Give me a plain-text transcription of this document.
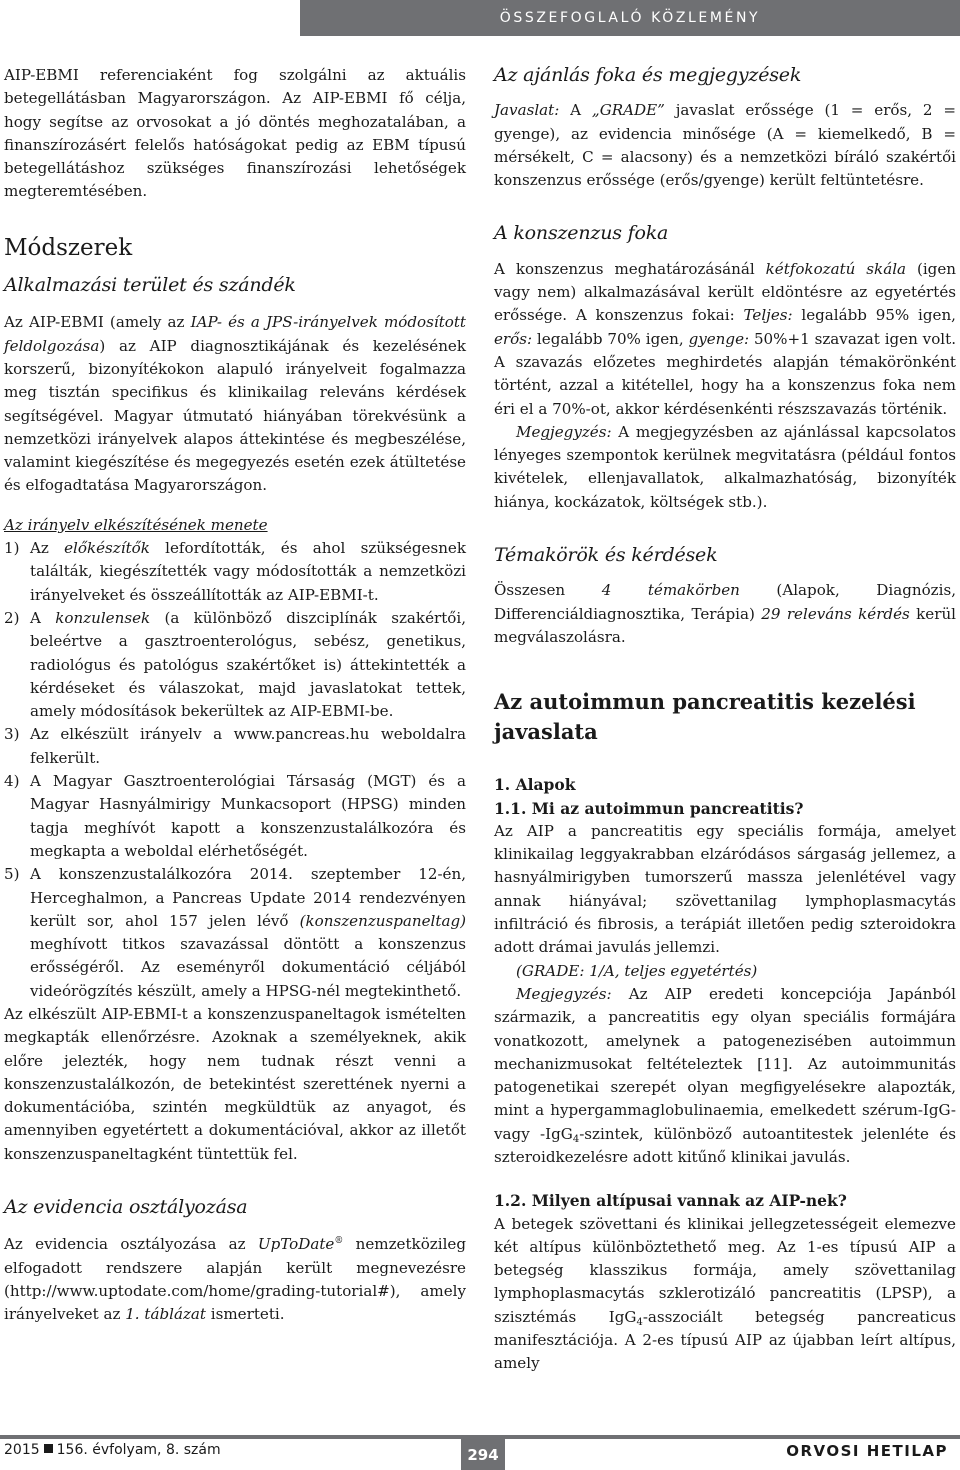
ÖSSZEFOGLALÓ KÖZLEMÉNY

AIP-EBMI referenciaként fog szolgálni az aktuális betegellátásban Magyarországon. Az AIP-EBMI fő célja, hogy segítse az orvosokat a jó döntés meghozatalában, a finanszírozásért felelős hatóságokat pedig az EBM típusú betegellátáshoz szükséges finanszírozási lehetőségek megteremtésében.

Módszerek
Alkalmazási terület és szándék

Az AIP-EBMI (amely az IAP- és a JPS-irányelvek módosított feldolgozása) az AIP diagnosztikájának és kezelésének korszerű, bizonyítékokon alapuló irányelveit fogalmazza meg tisztán specifikus és klinikailag releváns kérdések segítségével. Magyar útmutató hiányában törekvésünk a nemzetközi irányelvek alapos áttekintése és megbeszélése, valamint kiegészítése és megegyezés esetén ezek átültetése és elfogadtatása Magyarországon.

Az irányelv elkészítésének menete

1) Az előkészítők lefordították, és ahol szükségesnek találták, kiegészítették vagy módosították a nemzetközi irányelveket és összeállították az AIP-EBMI-t.
2) A konzulensek (a különböző diszciplínák szakértői, beleértve a gasztroenterológus, sebész, genetikus, radiológus és patológus szakértőket is) áttekintették a kérdéseket és válaszokat, majd javaslatokat tettek, amely módosítások bekerültek az AIP-EBMI-be.
3) Az elkészült irányelv a www.pancreas.hu weboldalra felkerült.
4) A Magyar Gasztroenterológiai Társaság (MGT) és a Magyar Hasnyálmirigy Munkacsoport (HPSG) minden tagja meghívót kapott a konszenzustalálkozóra és megkapta a weboldal elérhetőségét.
5) A konszenzustalálkozóra 2014. szeptember 12-én, Herceghalmon, a Pancreas Update 2014 rendezvényen került sor, ahol 157 jelen lévő (konszenzuspaneltag) meghívott titkos szavazással döntött a konszenzus erősségéről. Az eseményről dokumentáció céljából videórögzítés készült, amely a HPSG-nél megtekinthető.

Az elkészült AIP-EBMI-t a konszenzuspaneltagok ismételten megkapták ellenőrzésre. Azoknak a személyeknek, akik előre jelezték, hogy nem tudnak részt venni a konszenzustalálkozón, de betekintést szerettének nyerni a dokumentációba, szintén megküldtük az anyagot, és amennyiben egyetértett a dokumentációval, akkor az illetőt konszenzuspaneltagként tüntettük fel.

Az evidencia osztályozása

Az evidencia osztályozása az UpToDate® nemzetközileg elfogadott rendszere alapján került megnevezésre (http://www.uptodate.com/home/grading-tutorial#), amely irányelveket az 1. táblázat ismerteti.

Az ajánlás foka és megjegyzések

Javaslat: A „GRADE” javaslat erőssége (1 = erős, 2 = gyenge), az evidencia minősége (A = kiemelkedő, B = mérsékelt, C = alacsony) és a nemzetközi bíráló szakértői konszenzus erőssége (erős/gyenge) került feltüntetésre.

A konszenzus foka

A konszenzus meghatározásánál kétfokozatú skála (igen vagy nem) alkalmazásával került eldöntésre az egyetértés erőssége. A konszenzus fokai: Teljes: legalább 95% igen, erős: legalább 70% igen, gyenge: 50%+1 szavazat igen volt. A szavazás előzetes meghirdetés alapján témakörönként történt, azzal a kitétellel, hogy ha a konszenzus foka nem éri el a 70%-ot, akkor kérdésenkénti részszavazás történik.

Megjegyzés: A megjegyzésben az ajánlással kapcsolatos lényeges szempontok kerülnek megvitatásra (például fontos kivételek, ellenjavallatok, alkalmazhatóság, bizonyíték hiánya, kockázatok, költségek stb.).

Témakörök és kérdések

Összesen 4 témakörben (Alapok, Diagnózis, Differenciáldiagnosztika, Terápia) 29 releváns kérdés kerül megválaszolásra.

Az autoimmun pancreatitis kezelési javaslata

1. Alapok

1.1. Mi az autoimmun pancreatitis?

Az AIP a pancreatitis egy speciális formája, amelyet klinikailag leggyakrabban elzáródásos sárgaság jellemez, a hasnyálmirigyben tumorszerű massza jelenlétével vagy annak hiányával; szövettanilag lymphoplasmacytás infiltráció és fibrosis, a terápiát illetően pedig szteroidokra adott drámai javulás jellemzi.

(GRADE: 1/A, teljes egyetértés)

Megjegyzés: Az AIP eredeti koncepciója Japánból származik, a pancreatitis egy olyan speciális formájára vonatkozott, amelynek a patogenezisében autoimmun mechanizmusokat feltételeztek [11]. Az autoimmunitás patogenetikai szerepét olyan megfigyelésekre alapozták, mint a hypergammaglobulinaemia, emelkedett szérum-IgG- vagy -IgG$_4$-szintek, különböző autoantitestek jelenléte és szteroidkezelésre adott kitűnő klinikai javulás.

1.2. Milyen altípusai vannak az AIP-nek?

A betegek szövettani és klinikai jellegzetességeit elemezve két altípus különböztethető meg. Az 1-es típusú AIP a betegség klasszikus formája, amely szövettanilag lymphoplasmacytás szklerotizáló pancreatitis (LPSP), a szisztémás IgG$_4$-asszociált betegség pancreaticus manifesztációja. A 2-es típusú AIP az újabban leírt altípus, amely

2015 156. évfolyam, 8. szám	294	ORVOSI HETILAP
